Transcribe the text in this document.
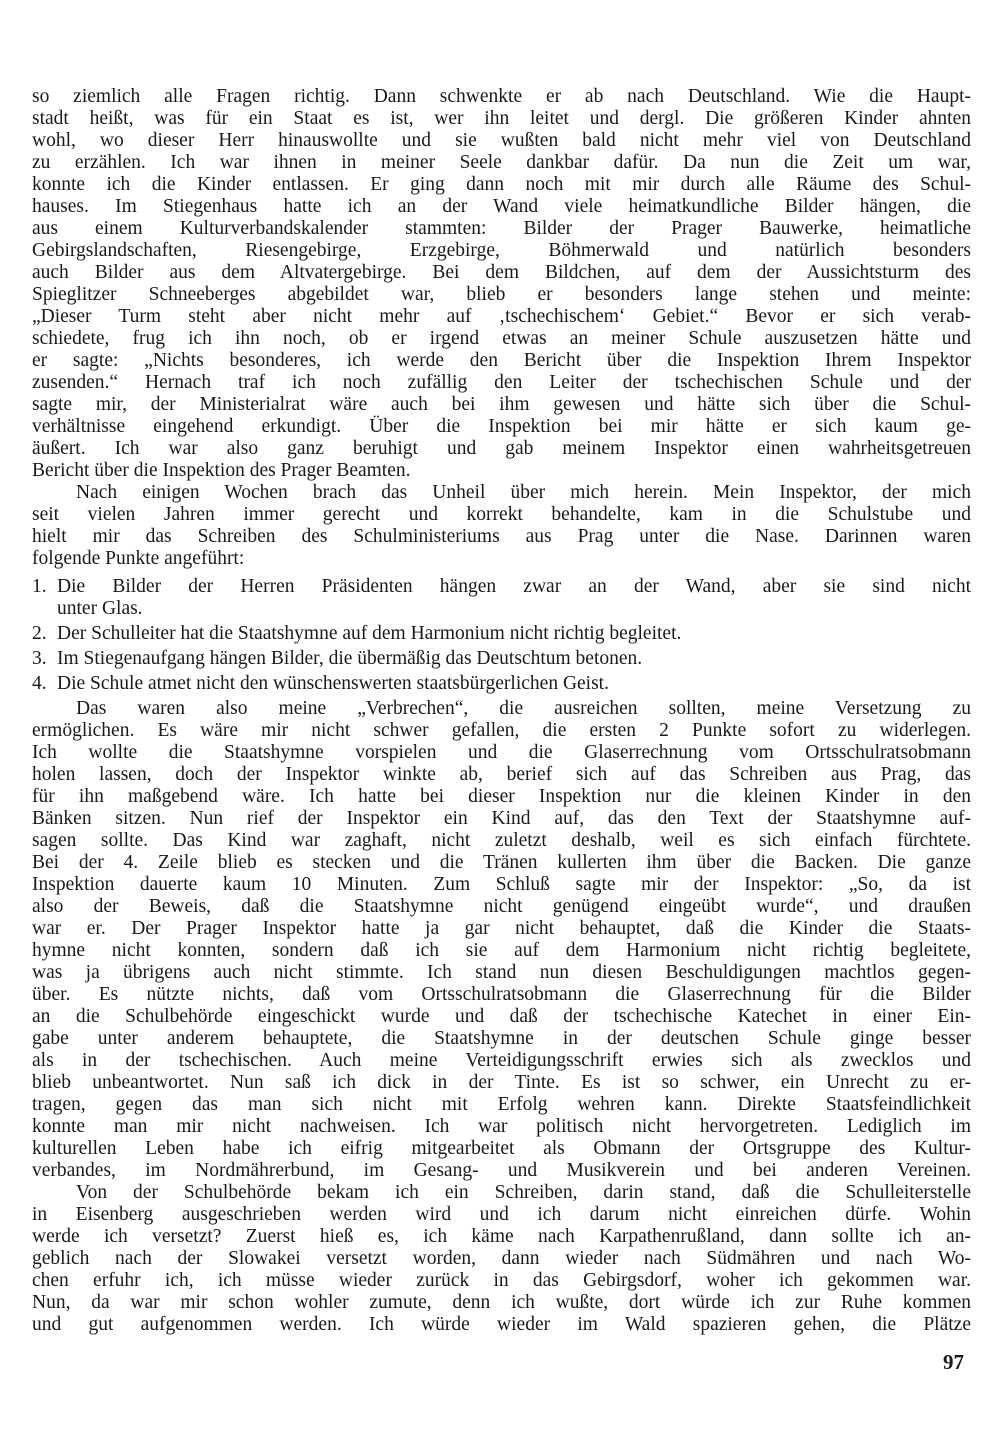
so ziemlich alle Fragen richtig. Dann schwenkte er ab nach Deutschland. Wie die Haupt-
stadt heißt, was für ein Staat es ist, wer ihn leitet und dergl. Die größeren Kinder ahnten
wohl, wo dieser Herr hinauswollte und sie wußten bald nicht mehr viel von Deutschland
zu erzählen. Ich war ihnen in meiner Seele dankbar dafür. Da nun die Zeit um war,
konnte ich die Kinder entlassen. Er ging dann noch mit mir durch alle Räume des Schul-
hauses. Im Stiegenhaus hatte ich an der Wand viele heimatkundliche Bilder hängen, die
aus einem Kulturverbandskalender stammten: Bilder der Prager Bauwerke, heimatliche
Gebirgslandschaften, Riesengebirge, Erzgebirge, Böhmerwald und natürlich besonders
auch Bilder aus dem Altvatergebirge. Bei dem Bildchen, auf dem der Aussichtsturm des
Spieglitzer Schneeberges abgebildet war, blieb er besonders lange stehen und meinte:
„Dieser Turm steht aber nicht mehr auf ‚tschechischem‘ Gebiet.“ Bevor er sich verab-
schiedete, frug ich ihn noch, ob er irgend etwas an meiner Schule auszusetzen hätte und
er sagte: „Nichts besonderes, ich werde den Bericht über die Inspektion Ihrem Inspektor
zusenden.“ Hernach traf ich noch zufällig den Leiter der tschechischen Schule und der
sagte mir, der Ministerialrat wäre auch bei ihm gewesen und hätte sich über die Schul-
verhältnisse eingehend erkundigt. Über die Inspektion bei mir hätte er sich kaum ge-
äußert. Ich war also ganz beruhigt und gab meinem Inspektor einen wahrheitsgetreuen
Bericht über die Inspektion des Prager Beamten.
Nach einigen Wochen brach das Unheil über mich herein. Mein Inspektor, der mich
seit vielen Jahren immer gerecht und korrekt behandelte, kam in die Schulstube und
hielt mir das Schreiben des Schulministeriums aus Prag unter die Nase. Darinnen waren
folgende Punkte angeführt:
1. Die Bilder der Herren Präsidenten hängen zwar an der Wand, aber sie sind nicht
unter Glas.
2. Der Schulleiter hat die Staatshymne auf dem Harmonium nicht richtig begleitet.
3. Im Stiegenaufgang hängen Bilder, die übermäßig das Deutschtum betonen.
4. Die Schule atmet nicht den wünschenswerten staatsbürgerlichen Geist.
Das waren also meine „Verbrechen“, die ausreichen sollten, meine Versetzung zu
ermöglichen. Es wäre mir nicht schwer gefallen, die ersten 2 Punkte sofort zu widerlegen.
Ich wollte die Staatshymne vorspielen und die Glaserrechnung vom Ortsschulratsobmann
holen lassen, doch der Inspektor winkte ab, berief sich auf das Schreiben aus Prag, das
für ihn maßgebend wäre. Ich hatte bei dieser Inspektion nur die kleinen Kinder in den
Bänken sitzen. Nun rief der Inspektor ein Kind auf, das den Text der Staatshymne auf-
sagen sollte. Das Kind war zaghaft, nicht zuletzt deshalb, weil es sich einfach fürchtete.
Bei der 4. Zeile blieb es stecken und die Tränen kullerten ihm über die Backen. Die ganze
Inspektion dauerte kaum 10 Minuten. Zum Schluß sagte mir der Inspektor: „So, da ist
also der Beweis, daß die Staatshymne nicht genügend eingeübt wurde“, und draußen
war er. Der Prager Inspektor hatte ja gar nicht behauptet, daß die Kinder die Staats-
hymne nicht konnten, sondern daß ich sie auf dem Harmonium nicht richtig begleitete,
was ja übrigens auch nicht stimmte. Ich stand nun diesen Beschuldigungen machtlos gegen-
über. Es nützte nichts, daß vom Ortsschulratsobmann die Glaserrechnung für die Bilder
an die Schulbehörde eingeschickt wurde und daß der tschechische Katechet in einer Ein-
gabe unter anderem behauptete, die Staatshymne in der deutschen Schule ginge besser
als in der tschechischen. Auch meine Verteidigungsschrift erwies sich als zwecklos und
blieb unbeantwortet. Nun saß ich dick in der Tinte. Es ist so schwer, ein Unrecht zu er-
tragen, gegen das man sich nicht mit Erfolg wehren kann. Direkte Staatsfeindlichkeit
konnte man mir nicht nachweisen. Ich war politisch nicht hervorgetreten. Lediglich im
kulturellen Leben habe ich eifrig mitgearbeitet als Obmann der Ortsgruppe des Kultur-
verbandes, im Nordmährerbund, im Gesang- und Musikverein und bei anderen Vereinen.
Von der Schulbehörde bekam ich ein Schreiben, darin stand, daß die Schulleiterstelle
in Eisenberg ausgeschrieben werden wird und ich darum nicht einreichen dürfe. Wohin
werde ich versetzt? Zuerst hieß es, ich käme nach Karpathenrußland, dann sollte ich an-
geblich nach der Slowakei versetzt worden, dann wieder nach Südmähren und nach Wo-
chen erfuhr ich, ich müsse wieder zurück in das Gebirgsdorf, woher ich gekommen war.
Nun, da war mir schon wohler zumute, denn ich wußte, dort würde ich zur Ruhe kommen
und gut aufgenommen werden. Ich würde wieder im Wald spazieren gehen, die Plätze
97
